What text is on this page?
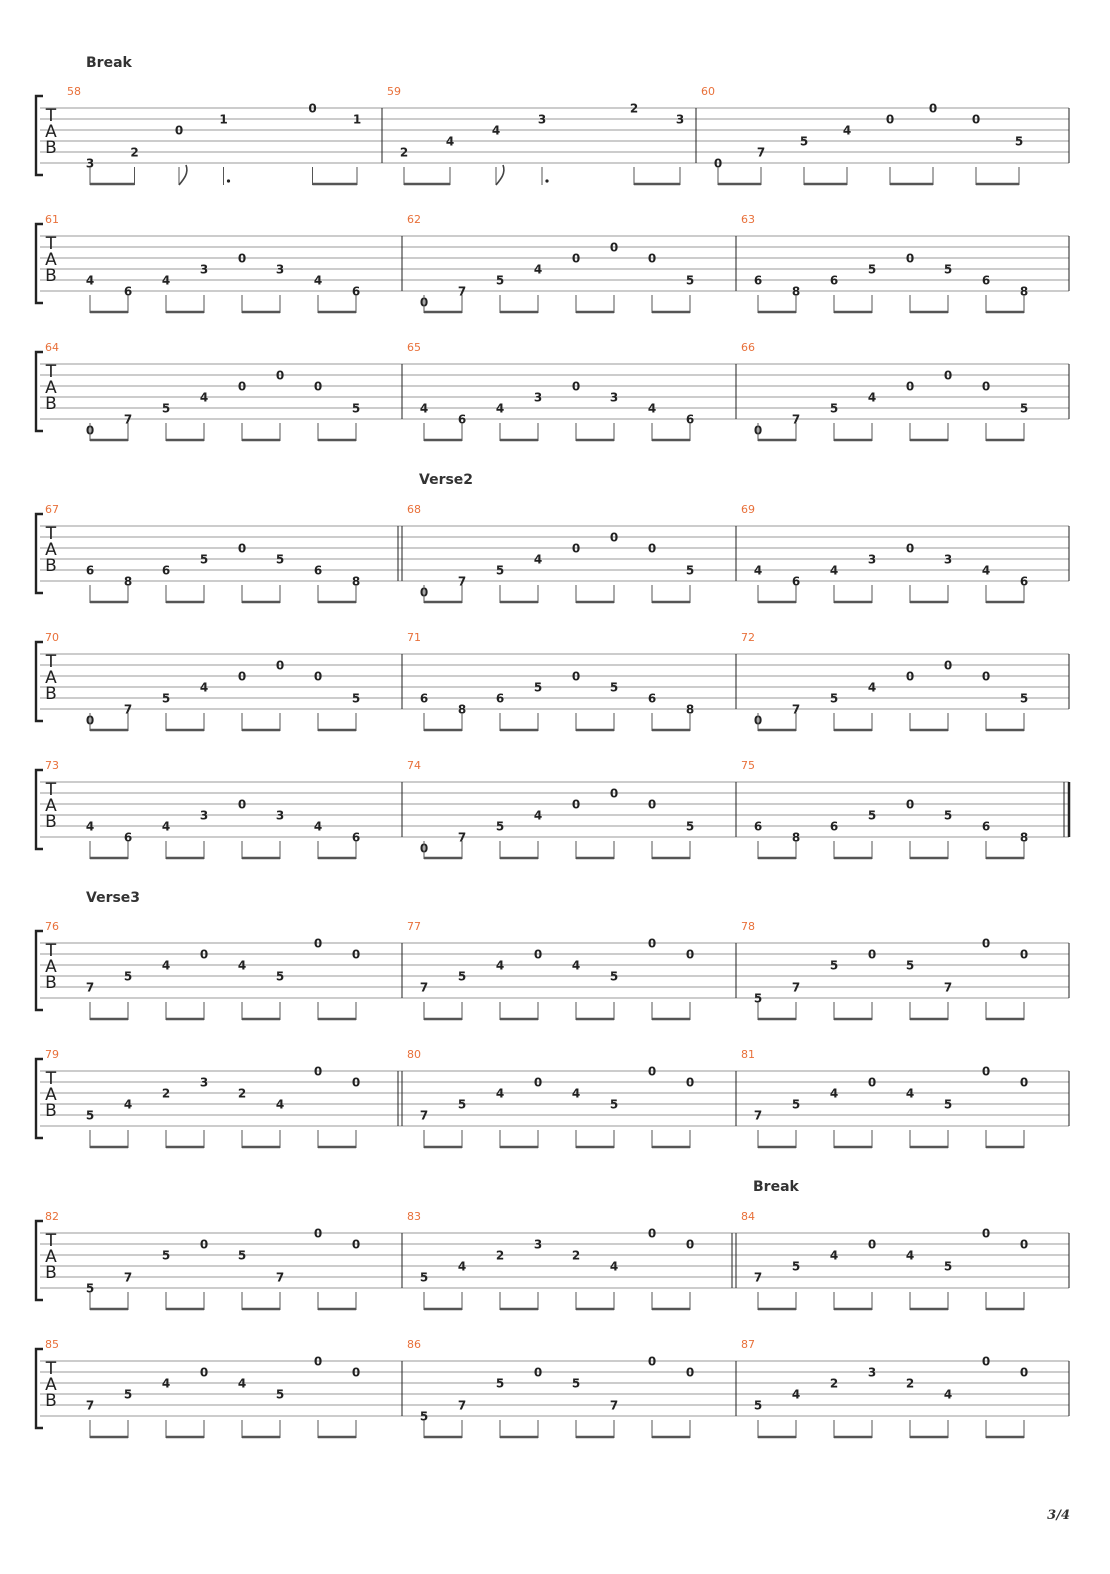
T
A
B
58
3
2
0
1
0
1
59
2
4
4
3
2
3
60
0
7
5
4
0
0
0
5
T
A
B
61
4
6
4
3
0
3
4
6
62
0
7
5
4
0
0
0
5
63
6
8
6
5
0
5
6
8
T
A
B
64
0
7
5
4
0
0
0
5
65
4
6
4
3
0
3
4
6
66
0
7
5
4
0
0
0
5
T
A
B
67
6
8
6
5
0
5
6
8
68
0
7
5
4
0
0
0
5
69
4
6
4
3
0
3
4
6
T
A
B
70
0
7
5
4
0
0
0
5
71
6
8
6
5
0
5
6
8
72
0
7
5
4
0
0
0
5
T
A
B
73
4
6
4
3
0
3
4
6
74
0
7
5
4
0
0
0
5
75
6
8
6
5
0
5
6
8
T
A
B
76
7
5
4
0
4
5
0
0
77
7
5
4
0
4
5
0
0
78
5
7
5
0
5
7
0
0
T
A
B
79
5
4
2
3
2
4
0
0
80
7
5
4
0
4
5
0
0
81
7
5
4
0
4
5
0
0
T
A
B
82
5
7
5
0
5
7
0
0
83
5
4
2
3
2
4
0
0
84
7
5
4
0
4
5
0
0
T
A
B
85
7
5
4
0
4
5
0
0
86
5
7
5
0
5
7
0
0
87
5
4
2
3
2
4
0
0
Break
Verse2
Verse3
Break
3/4
